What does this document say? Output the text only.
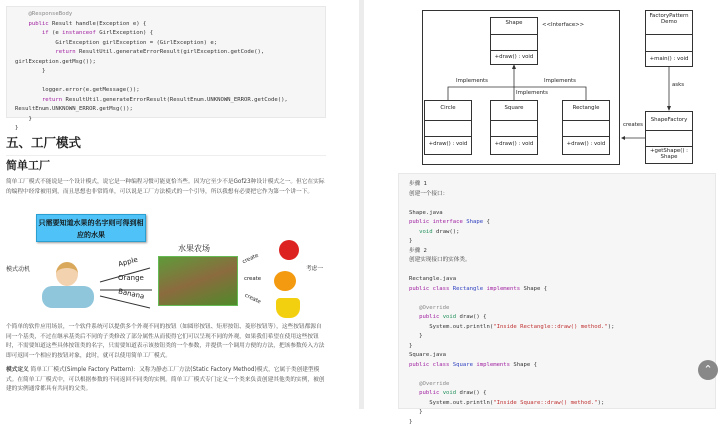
@ResponseBody
public Result handle(Exception e) {
if (e instanceof GirlException) {
GirlException girlException = (GirlException) e;
return ResultUtil.generateErrorResult(girlException.getCode(),
girlException.getMsg());
}
logger.error(e.getMessage());
return ResultUtil.generateErrorResult(ResultEnum.UNKNOWN_ERROR.getCode(),
ResultEnum.UNKNOWN_ERROR.getMsg());
}
}
五、工厂模式
简单工厂

简单工厂模式不能说是一个设计模式，说它是一种编程习惯可能更恰当些。因为它至少不是Gof23种设计模式之一。但它在实际的编程中经常被用到，而且思想也非常简单，可以说是工厂方法模式的一个引导，所以我想有必要把它作为第一个讲一下。

只需要知道水果的名字则可得到相应的水果
模式动机
Apple
Orange
Banana
水果农场
create
create
create
考虑一

个简单的软件应用场景，一个软件系统可以提供多个外观不同的按钮（如圆形按钮、矩形按钮、菱形按钮等），这些按钮都源自同一个基类，不过在继承基类后不同的子类修改了部分属性从而使得它们可以呈现不同的外观，如果我们希望在使用这些按钮时，不需要知道这些具体按钮类的名字，只需要知道表示该按钮类的一个参数，并提供一个调用方便的方法，把该参数传入方法即可返回一个相应的按钮对象，此时，就可以使用简单工厂模式。

模式定义 简单工厂模式(Simple Factory Pattern)：又称为静态工厂方法(Static Factory Method)模式，它属于类创建型模式。在简单工厂模式中，可以根据参数的不同返回不同类的实例。简单工厂模式专门定义一个类来负责创建其他类的实例，被创建的实例通常都具有共同的父类。

Shape
+draw() : void
<<Interface>>
Circle
+draw() : void
Square
+draw() : void
Rectangle
+draw() : void
FactoryPattern Demo
+main() : void
ShapeFactory
+getShape() : Shape
Implements
Implements
Implements
asks
creates
步骤 1
创建一个接口：
Shape.java
public interface Shape {
void draw();
}
步骤 2
创建实现接口的实体类。
Rectangle.java
public class Rectangle implements Shape {
@Override
public void draw() {
System.out.println("Inside Rectangle::draw() method.");
}
}
Square.java
public class Square implements Shape {
@Override
public void draw() {
System.out.println("Inside Square::draw() method.");
}
}
⌃
